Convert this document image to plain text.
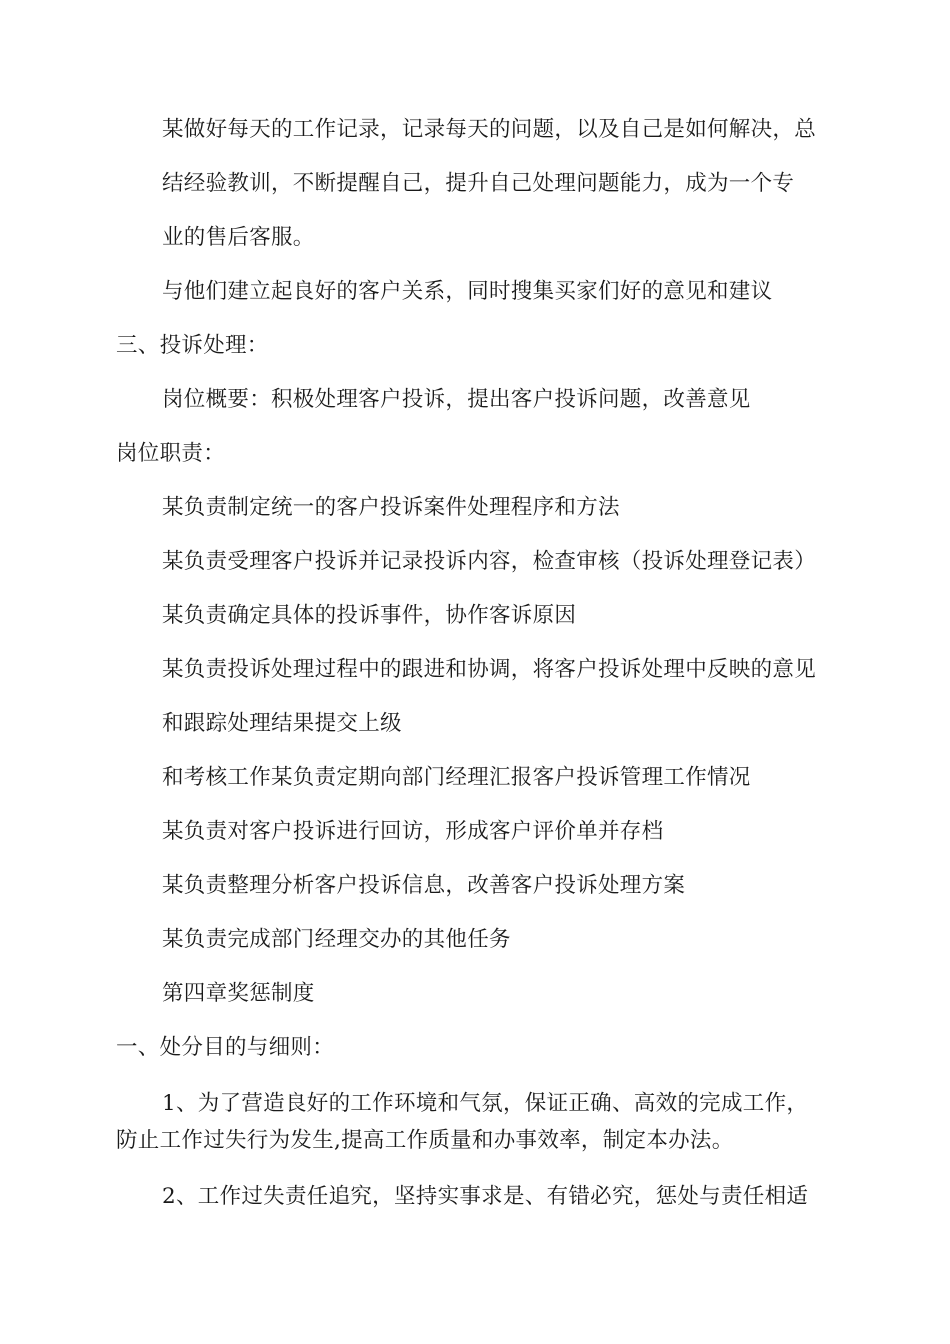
某做好每天的工作记录，记录每天的问题，以及自己是如何解决，总
结经验教训，不断提醒自己，提升自己处理问题能力，成为一个专
业的售后客服。
与他们建立起良好的客户关系，同时搜集买家们好的意见和建议
三、投诉处理：
岗位概要：积极处理客户投诉，提出客户投诉问题，改善意见
岗位职责：
某负责制定统一的客户投诉案件处理程序和方法
某负责受理客户投诉并记录投诉内容，检查审核（投诉处理登记表）
某负责确定具体的投诉事件，协作客诉原因
某负责投诉处理过程中的跟进和协调，将客户投诉处理中反映的意见
和跟踪处理结果提交上级
和考核工作某负责定期向部门经理汇报客户投诉管理工作情况
某负责对客户投诉进行回访，形成客户评价单并存档
某负责整理分析客户投诉信息，改善客户投诉处理方案
某负责完成部门经理交办的其他任务
第四章奖惩制度
一、处分目的与细则：
1、为了营造良好的工作环境和气氛，保证正确、高效的完成工作，
防止工作过失行为发生,提高工作质量和办事效率，制定本办法。
2、工作过失责任追究，坚持实事求是、有错必究，惩处与责任相适
